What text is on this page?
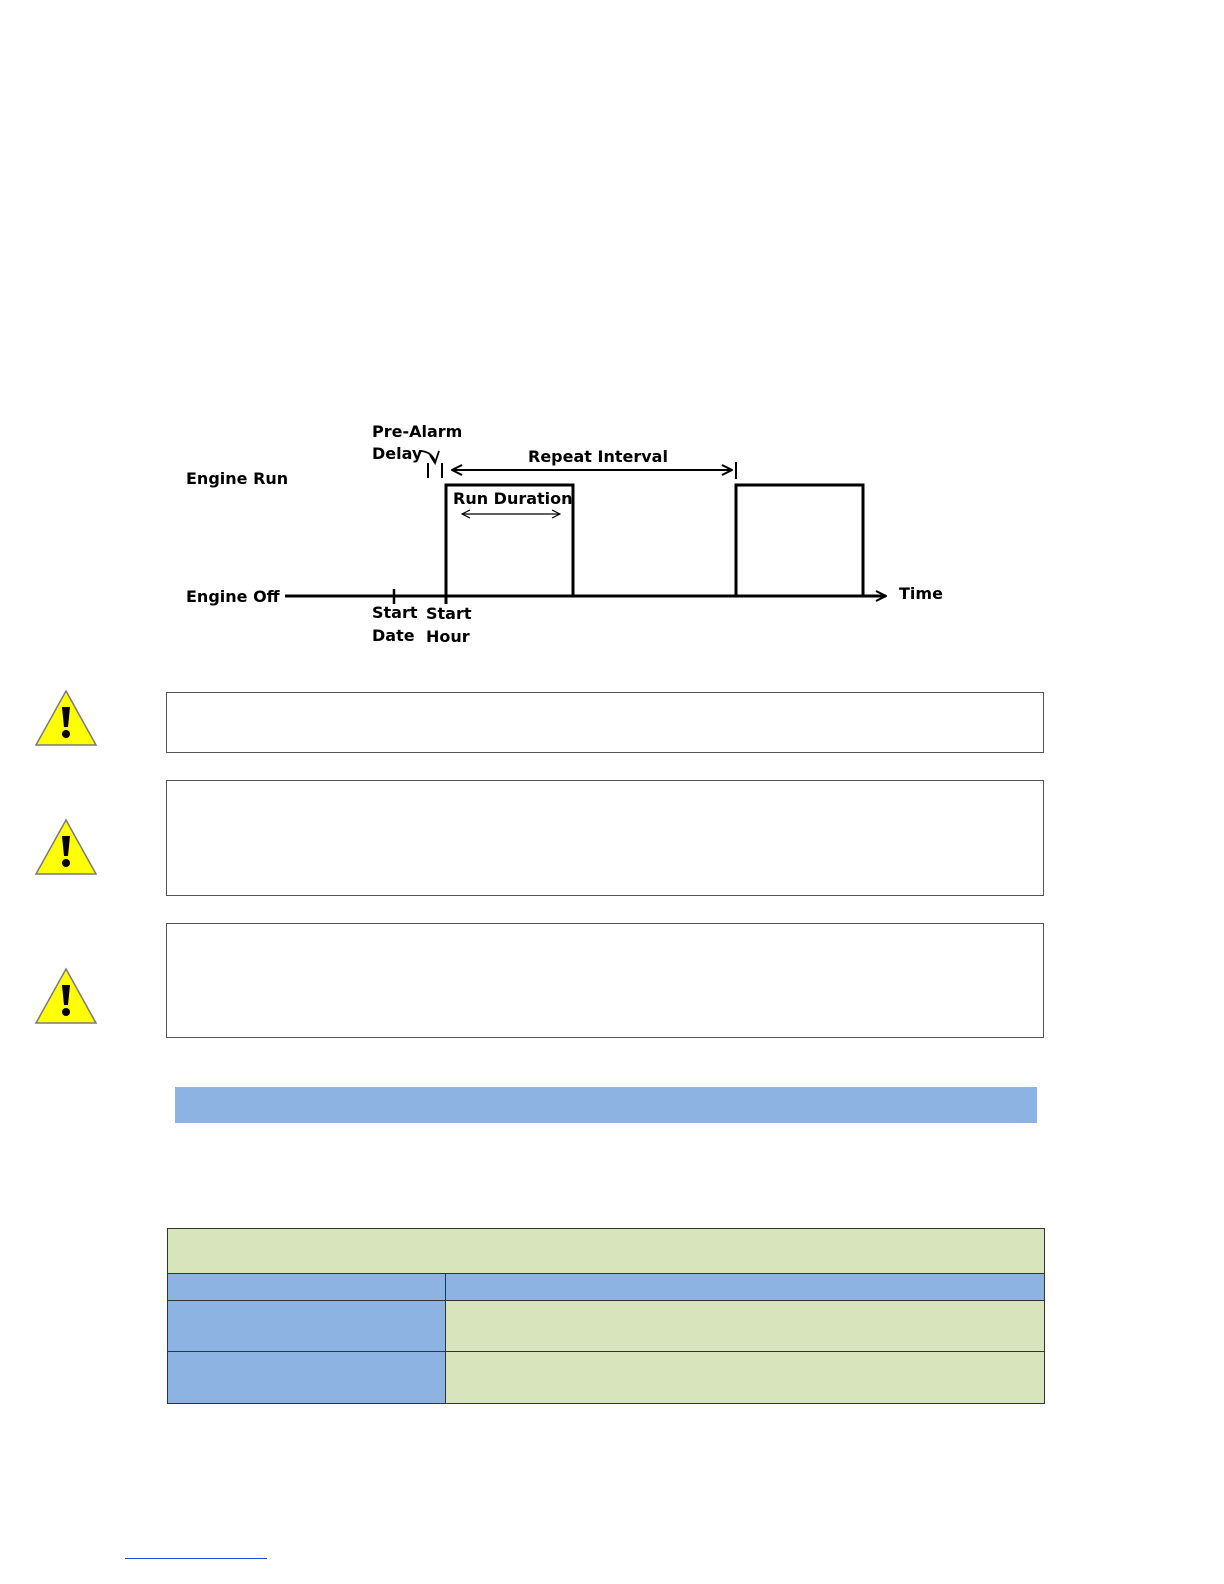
Engine Run
Engine Off
Pre-Alarm
Delay	Repeat Interval
Run Duration
Time
Start
Date
Start
Hour
